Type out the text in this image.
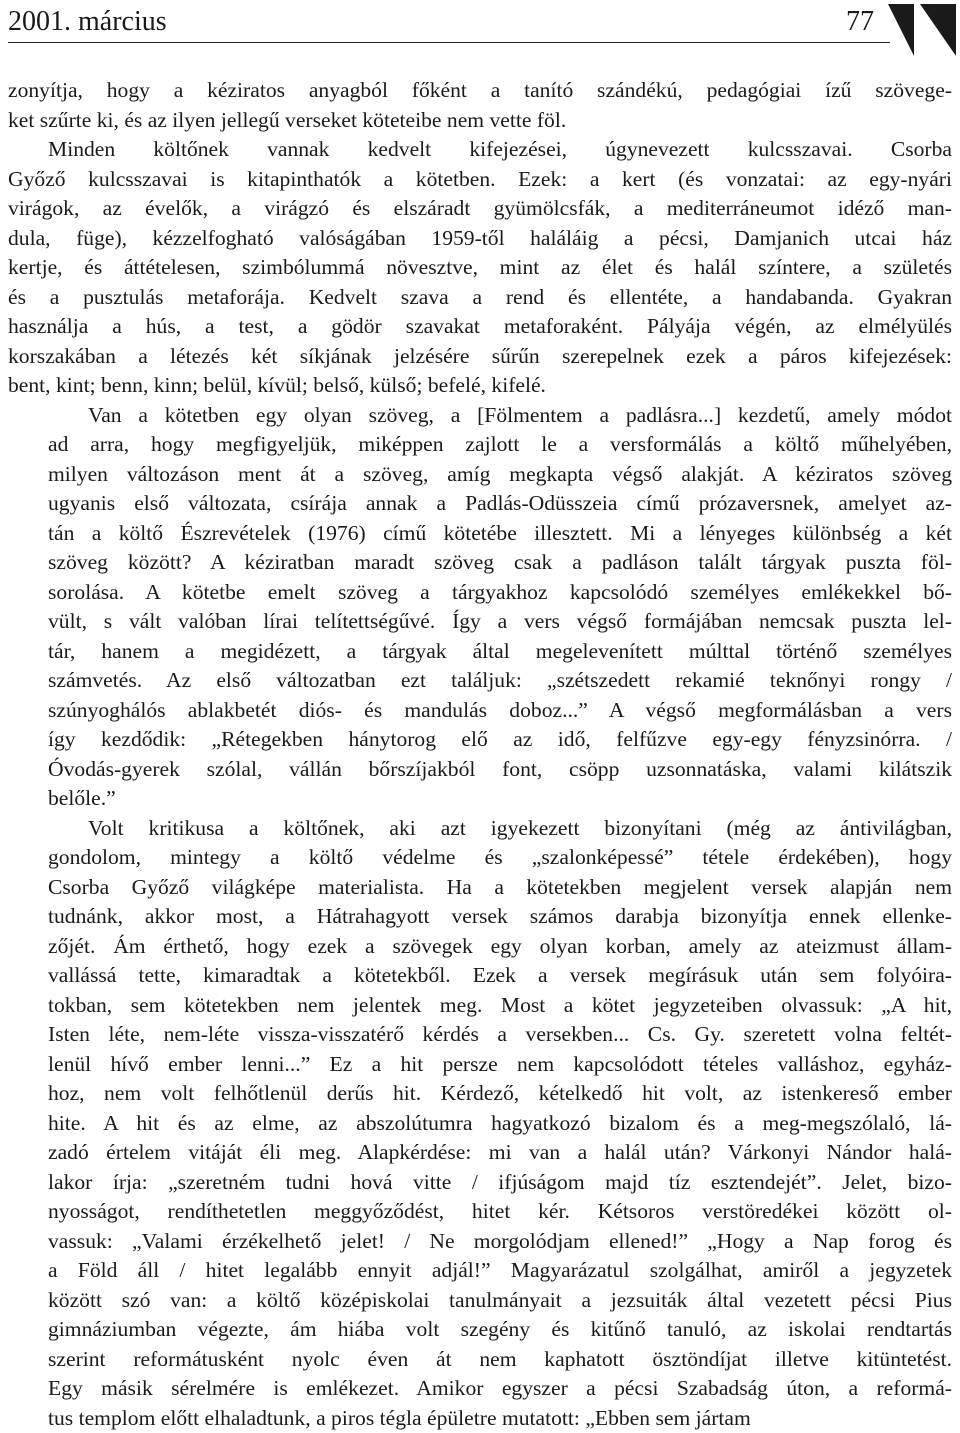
2001. március	77

zonyítja, hogy a kéziratos anyagból főként a tanító szándékú, pedagógiai ízű szövege-
ket szűrte ki, és az ilyen jellegű verseket köteteibe nem vette föl.
Minden költőnek vannak kedvelt kifejezései, úgynevezett kulcsszavai. Csorba
Győző kulcsszavai is kitapinthatók a kötetben. Ezek: a kert (és vonzatai: az egy-nyári
virágok, az évelők, a virágzó és elszáradt gyümölcsfák, a mediterráneumot idéző man-
dula, füge), kézzelfogható valóságában 1959-től haláláig a pécsi, Damjanich utcai ház
kertje, és áttételesen, szimbólummá növesztve, mint az élet és halál színtere, a születés
és a pusztulás metaforája. Kedvelt szava a rend és ellentéte, a handabanda. Gyakran
használja a hús, a test, a gödör szavakat metaforaként. Pályája végén, az elmélyülés
korszakában a létezés két síkjának jelzésére sűrűn szerepelnek ezek a páros kifejezések:
bent, kint; benn, kinn; belül, kívül; belső, külső; befelé, kifelé.

Van a kötetben egy olyan szöveg, a [Fölmentem a padlásra...] kezdetű, amely módot
ad arra, hogy megfigyeljük, miképpen zajlott le a versformálás a költő műhelyében,
milyen változáson ment át a szöveg, amíg megkapta végső alakját. A kéziratos szöveg
ugyanis első változata, csírája annak a Padlás-Odüsszeia című prózaversnek, amelyet az-
tán a költő Észrevételek (1976) című kötetébe illesztett. Mi a lényeges különbség a két
szöveg között? A kéziratban maradt szöveg csak a padláson talált tárgyak puszta föl-
sorolása. A kötetbe emelt szöveg a tárgyakhoz kapcsolódó személyes emlékekkel bő-
vült, s vált valóban lírai telítettségűvé. Így a vers végső formájában nemcsak puszta lel-
tár, hanem a megidézett, a tárgyak által megelevenített múlttal történő személyes
számvetés. Az első változatban ezt találjuk: „szétszedett rekamié teknőnyi rongy /
szúnyoghálós ablakbetét diós- és mandulás doboz...” A végső megformálásban a vers
így kezdődik: „Rétegekben hánytorog elő az idő, felfűzve egy-egy fényzsinórra. /
Óvodás-gyerek szólal, vállán bőrszíjakból font, csöpp uzsonnatáska, valami kilátszik
belőle.”

Volt kritikusa a költőnek, aki azt igyekezett bizonyítani (még az ántivilágban,
gondolom, mintegy a költő védelme és „szalonképessé” tétele érdekében), hogy
Csorba Győző világképe materialista. Ha a kötetekben megjelent versek alapján nem
tudnánk, akkor most, a Hátrahagyott versek számos darabja bizonyítja ennek ellenke-
zőjét. Ám érthető, hogy ezek a szövegek egy olyan korban, amely az ateizmust állam-
vallássá tette, kimaradtak a kötetekből. Ezek a versek megírásuk után sem folyóira-
tokban, sem kötetekben nem jelentek meg. Most a kötet jegyzeteiben olvassuk: „A hit,
Isten léte, nem-léte vissza-visszatérő kérdés a versekben... Cs. Gy. szeretett volna feltét-
lenül hívő ember lenni...” Ez a hit persze nem kapcsolódott tételes valláshoz, egyház-
hoz, nem volt felhőtlenül derűs hit. Kérdező, kételkedő hit volt, az istenkereső ember
hite. A hit és az elme, az abszolútumra hagyatkozó bizalom és a meg-megszólaló, lá-
zadó értelem vitáját éli meg. Alapkérdése: mi van a halál után? Várkonyi Nándor halá-
lakor írja: „szeretném tudni hová vitte / ifjúságom majd tíz esztendejét”. Jelet, bizo-
nyosságot, rendíthetetlen meggyőződést, hitet kér. Kétsoros verstöredékei között ol-
vassuk: „Valami érzékelhető jelet! / Ne morgolódjam ellened!” „Hogy a Nap forog és
a Föld áll / hitet legalább ennyit adjál!” Magyarázatul szolgálhat, amiről a jegyzetek
között szó van: a költő középiskolai tanulmányait a jezsuiták által vezetett pécsi Pius
gimnáziumban végezte, ám hiába volt szegény és kitűnő tanuló, az iskolai rendtartás
szerint reformátusként nyolc éven át nem kaphatott ösztöndíjat illetve kitüntetést.
Egy másik sérelmére is emlékezet. Amikor egyszer a pécsi Szabadság úton, a reformá-
tus templom előtt elhaladtunk, a piros tégla épületre mutatott: „Ebben sem jártam
